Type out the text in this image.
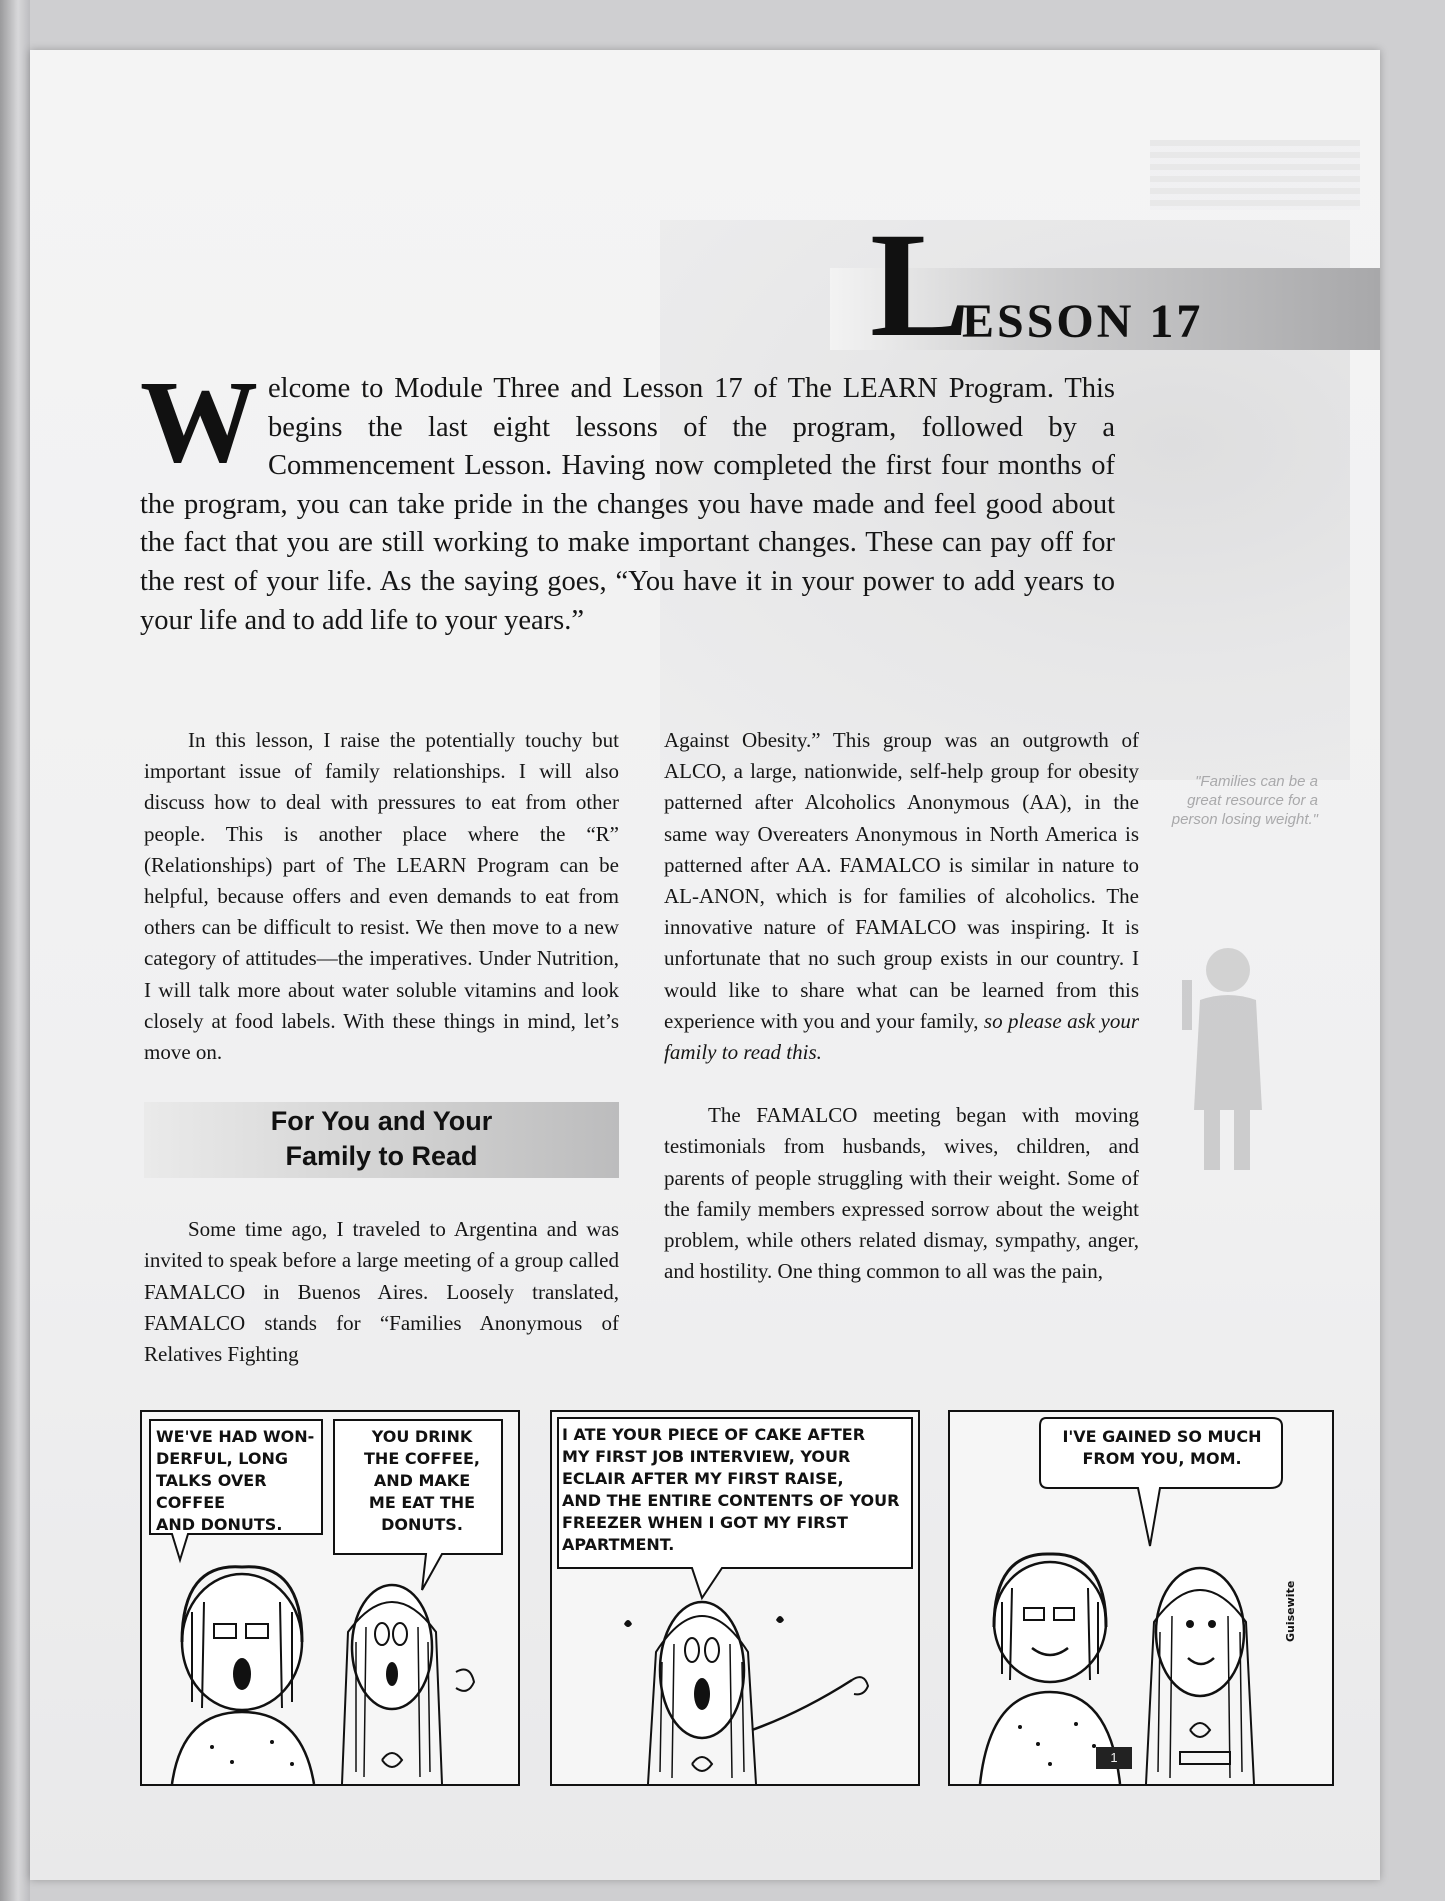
"Families can be a great resource for a person losing weight."
L
ESSON 17
Welcome to Module Three and Lesson 17 of The LEARN Program. This begins the last eight lessons of the program, followed by a Commencement Lesson. Having now completed the first four months of the program, you can take pride in the changes you have made and feel good about the fact that you are still working to make important changes. These can pay off for the rest of your life. As the saying goes, “You have it in your power to add years to your life and to add life to your years.”

In this lesson, I raise the potentially touchy but important issue of family relationships. I will also discuss how to deal with pressures to eat from other people. This is another place where the “R” (Relationships) part of The LEARN Program can be helpful, because offers and even demands to eat from others can be difficult to resist. We then move to a new category of attitudes—the imperatives. Under Nutrition, I will talk more about water soluble vitamins and look closely at food labels. With these things in mind, let’s move on.

For You and Your
Family to Read

Some time ago, I traveled to Argentina and was invited to speak before a large meeting of a group called FAMALCO in Buenos Aires. Loosely translated, FAMALCO stands for “Families Anonymous of Relatives Fighting

Against Obesity.” This group was an outgrowth of ALCO, a large, nationwide, self-help group for obesity patterned after Alcoholics Anonymous (AA), in the same way Overeaters Anonymous in North America is patterned after AA. FAMALCO is similar in nature to AL-ANON, which is for families of alcoholics. The innovative nature of FAMALCO was inspiring. It is unfortunate that no such group exists in our country. I would like to share what can be learned from this experience with you and your family, so please ask your family to read this.

The FAMALCO meeting began with moving testimonials from husbands, wives, children, and parents of people struggling with their weight. Some of the family members expressed sorrow about the weight problem, while others related dismay, sympathy, anger, and hostility. One thing common to all was the pain,

WE'VE HAD WON-
DERFUL, LONG
TALKS OVER COFFEE
AND DONUTS.
YOU DRINK
THE COFFEE,
AND MAKE
ME EAT THE
DONUTS.
I ATE YOUR PIECE OF CAKE AFTER
MY FIRST JOB INTERVIEW, YOUR
ECLAIR AFTER MY FIRST RAISE,
AND THE ENTIRE CONTENTS OF YOUR
FREEZER WHEN I GOT MY FIRST
APARTMENT.
I'VE GAINED SO MUCH
FROM YOU, MOM.
Guisewite
1
